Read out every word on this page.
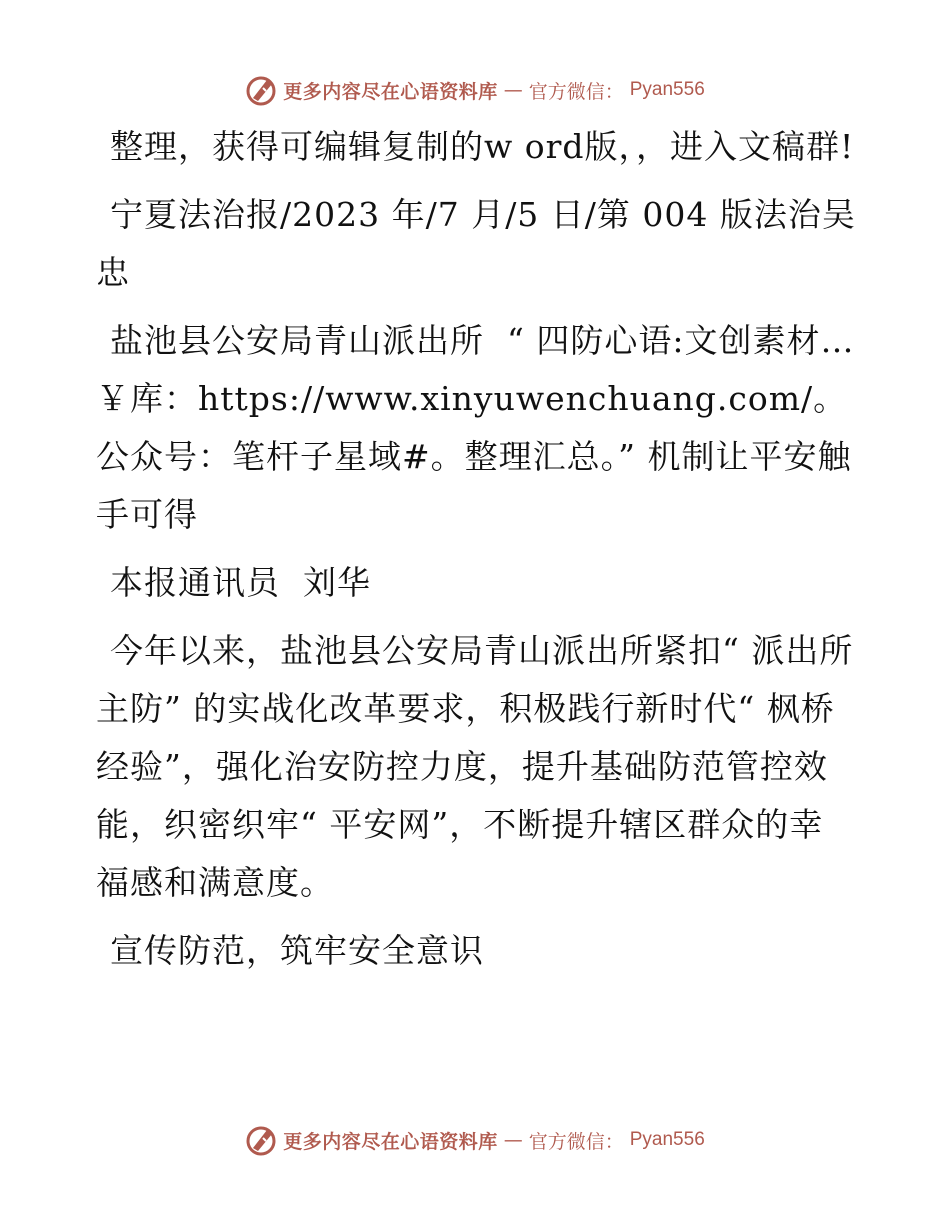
更多内容尽在心语资料库 — 官方微信： Pyan556

整理，获得可编辑复制的w ord版，，进入文稿群!

宁夏法治报/2023 年/7 月/5 日/第 004 版法治吴忠

盐池县公安局青山派出所  “ 四防心语:文创素材…￥库：https://www.xinyuwenchuang.com/。公众号：笔杆子星域#。整理汇总。” 机制让平安触手可得

本报通讯员  刘华

今年以来，盐池县公安局青山派出所紧扣“ 派出所主防” 的实战化改革要求，积极践行新时代“ 枫桥经验”，强化治安防控力度，提升基础防范管控效能，织密织牢“ 平安网”，不断提升辖区群众的幸福感和满意度。

宣传防范，筑牢安全意识

更多内容尽在心语资料库 — 官方微信： Pyan556
